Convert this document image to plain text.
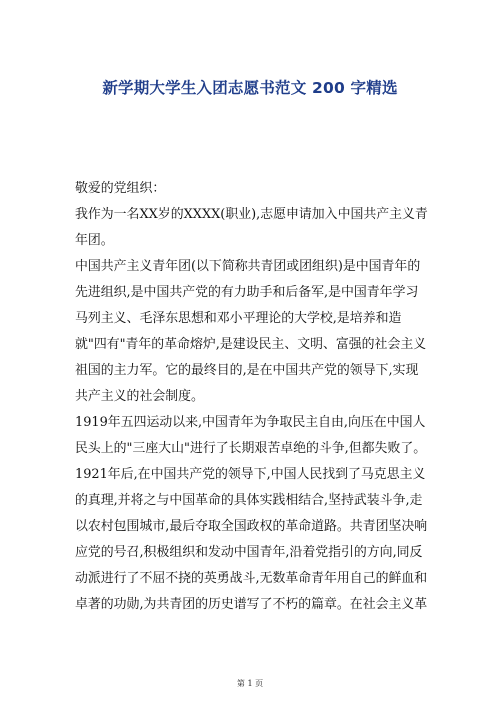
新学期大学生入团志愿书范文 200 字精选

敬爱的党组织：

我作为一名XX岁的XXXX(职业),志愿申请加入中国共产主义青年团。

中国共产主义青年团(以下简称共青团或团组织)是中国青年的先进组织,是中国共产党的有力助手和后备军,是中国青年学习马列主义、毛泽东思想和邓小平理论的大学校,是培养和造就"四有"青年的革命熔炉,是建设民主、文明、富强的社会主义祖国的主力军。它的最终目的,是在中国共产党的领导下,实现共产主义的社会制度。

1919年五四运动以来,中国青年为争取民主自由,向压在中国人民头上的"三座大山"进行了长期艰苦卓绝的斗争,但都失败了。

1921年后,在中国共产党的领导下,中国人民找到了马克思主义的真理,并将之与中国革命的具体实践相结合,坚持武装斗争,走以农村包围城市,最后夺取全国政权的革命道路。共青团坚决响应党的号召,积极组织和发动中国青年,沿着党指引的方向,同反动派进行了不屈不挠的英勇战斗,无数革命青年用自己的鲜血和卓著的功勋,为共青团的历史谱写了不朽的篇章。在社会主义革

第 1 页
